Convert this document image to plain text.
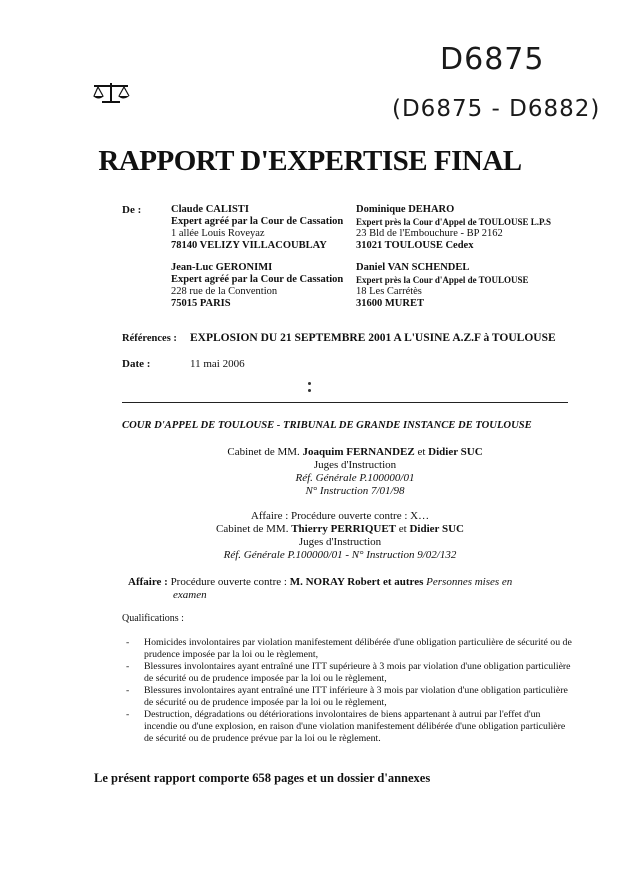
D6875
(D6875 - D6882)
RAPPORT D'EXPERTISE FINAL
De :	Claude CALISTI
Expert agréé par la Cour de Cassation
1 allée Louis Roveyaz
78140 VELIZY VILLACOUBLAY
Dominique DEHARO
Expert près la Cour d'Appel de TOULOUSE L.P.S
23 Bld de l'Embouchure - BP 2162
31021 TOULOUSE Cedex
Jean-Luc GERONIMI
Expert agréé par la Cour de Cassation
228 rue de la Convention
75015 PARIS
Daniel VAN SCHENDEL
Expert près la Cour d'Appel de TOULOUSE
18 Les Carrétès
31600 MURET
Références : EXPLOSION DU 21 SEPTEMBRE 2001 A L'USINE A.Z.F à TOULOUSE
Date :	11 mai 2006
COUR D'APPEL DE TOULOUSE - TRIBUNAL DE GRANDE INSTANCE DE TOULOUSE
Cabinet de MM. Joaquim FERNANDEZ et Didier SUC
Juges d'Instruction
Réf. Générale P.100000/01
N° Instruction 7/01/98
Affaire : Procédure ouverte contre : X…
Cabinet de MM. Thierry PERRIQUET et Didier SUC
Juges d'Instruction
Réf. Générale P.100000/01 - N° Instruction 9/02/132
Affaire : Procédure ouverte contre : M. NORAY Robert et autres Personnes mises en
examen
Qualifications :
- Homicides involontaires par violation manifestement délibérée d'une obligation particulière de sécurité ou de prudence imposée par la loi ou le règlement,
- Blessures involontaires ayant entraîné une ITT supérieure à 3 mois par violation d'une obligation particulière de sécurité ou de prudence imposée par la loi ou le règlement,
- Blessures involontaires ayant entraîné une ITT inférieure à 3 mois par violation d'une obligation particulière de sécurité ou de prudence imposée par la loi ou le règlement,
- Destruction, dégradations ou détériorations involontaires de biens appartenant à autrui par l'effet d'un incendie ou d'une explosion, en raison d'une violation manifestement délibérée d'une obligation particulière de sécurité ou de prudence prévue par la loi ou le règlement.
Le présent rapport comporte 658 pages et un dossier d'annexes
